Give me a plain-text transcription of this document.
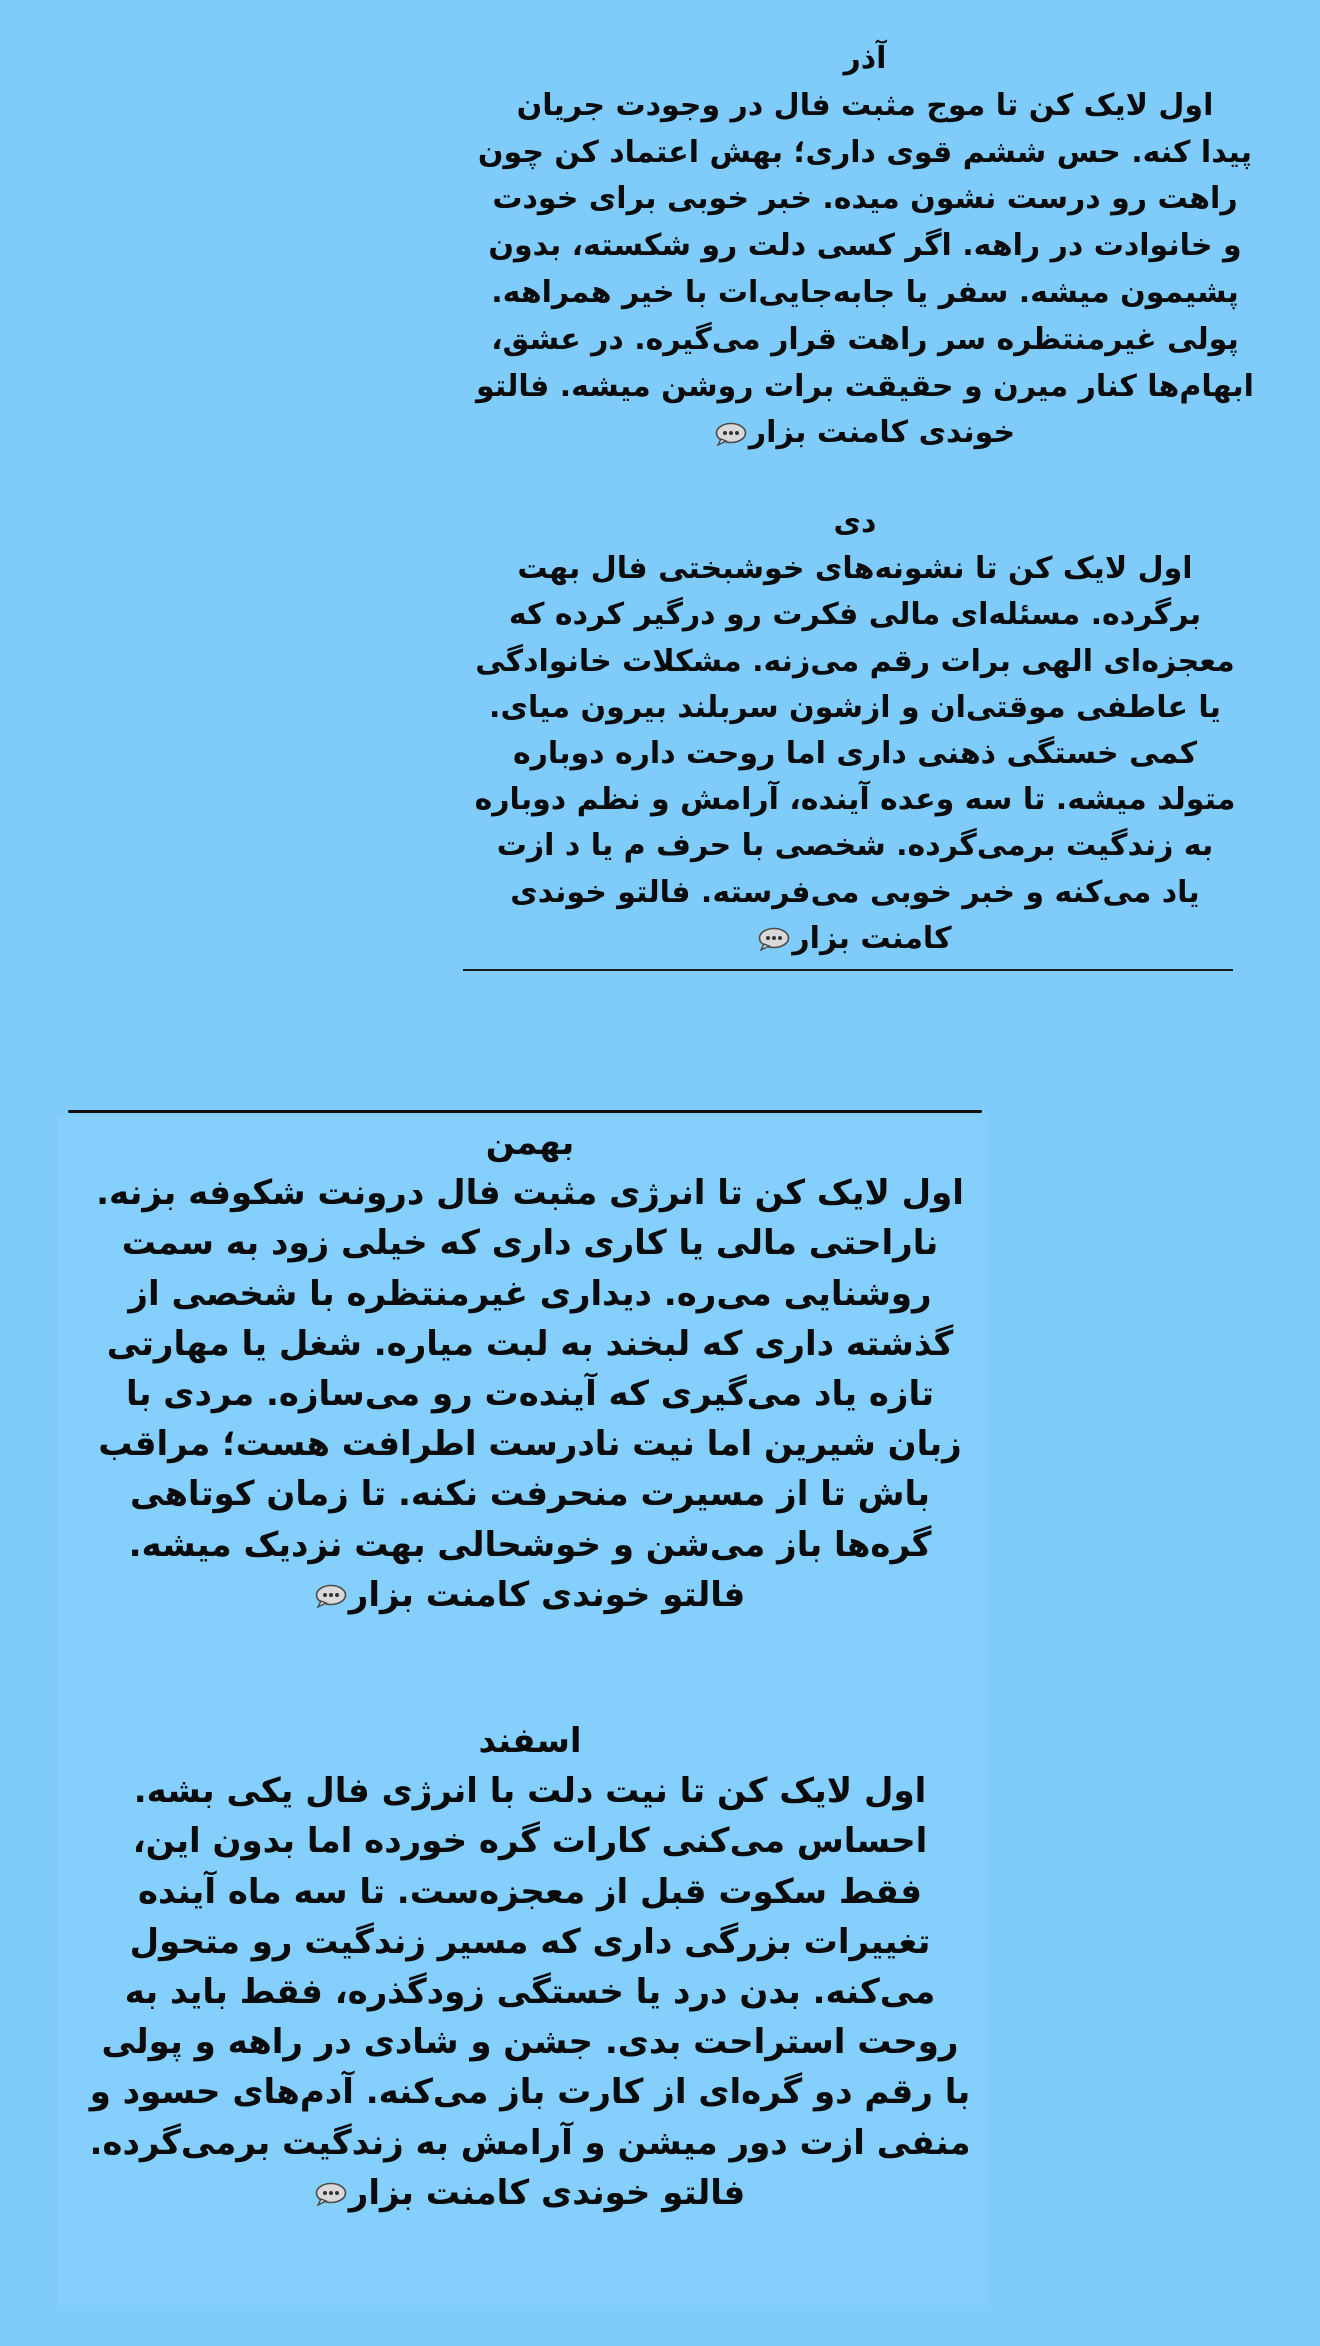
آذر
اول لایک کن تا موج مثبت فال در وجودت جریان
پیدا کنه. حس ششم قوی داری؛ بهش اعتماد کن چون
راهت رو درست نشون میده. خبر خوبی برای خودت
و خانوادت در راهه. اگر کسی دلت رو شکسته، بدون
پشیمون میشه. سفر یا جابه‌جایی‌ات با خیر همراهه.
پولی غیرمنتظره سر راهت قرار می‌گیره. در عشق،
ابهام‌ها کنار میرن و حقیقت برات روشن میشه. فالتو
خوندی کامنت بزار
دی
اول لایک کن تا نشونه‌های خوشبختی فال بهت
برگرده. مسئله‌ای مالی فکرت رو درگیر کرده که
معجزه‌ای الهی برات رقم می‌زنه. مشکلات خانوادگی
یا عاطفی موقتی‌ان و ازشون سربلند بیرون میای.
کمی خستگی ذهنی داری اما روحت داره دوباره
متولد میشه. تا سه وعده آینده، آرامش و نظم دوباره
به زندگیت برمی‌گرده. شخصی با حرف م یا د ازت
یاد می‌کنه و خبر خوبی می‌فرسته. فالتو خوندی
کامنت بزار
بهمن
اول لایک کن تا انرژی مثبت فال درونت شکوفه بزنه.
ناراحتی مالی یا کاری داری که خیلی زود به سمت
روشنایی می‌ره. دیداری غیرمنتظره با شخصی از
گذشته داری که لبخند به لبت میاره. شغل یا مهارتی
تازه یاد می‌گیری که آینده‌ت رو می‌سازه. مردی با
زبان شیرین اما نیت نادرست اطرافت هست؛ مراقب
باش تا از مسیرت منحرفت نکنه. تا زمان کوتاهی
گره‌ها باز می‌شن و خوشحالی بهت نزدیک میشه.
فالتو خوندی کامنت بزار
اسفند
اول لایک کن تا نیت دلت با انرژی فال یکی بشه.
احساس می‌کنی کارات گره خورده اما بدون این،
فقط سکوت قبل از معجزه‌ست. تا سه ماه آینده
تغییرات بزرگی داری که مسیر زندگیت رو متحول
می‌کنه. بدن درد یا خستگی زودگذره، فقط باید به
روحت استراحت بدی. جشن و شادی در راهه و پولی
با رقم دو گره‌ای از کارت باز می‌کنه. آدم‌های حسود و
منفی ازت دور میشن و آرامش به زندگیت برمی‌گرده.
فالتو خوندی کامنت بزار
